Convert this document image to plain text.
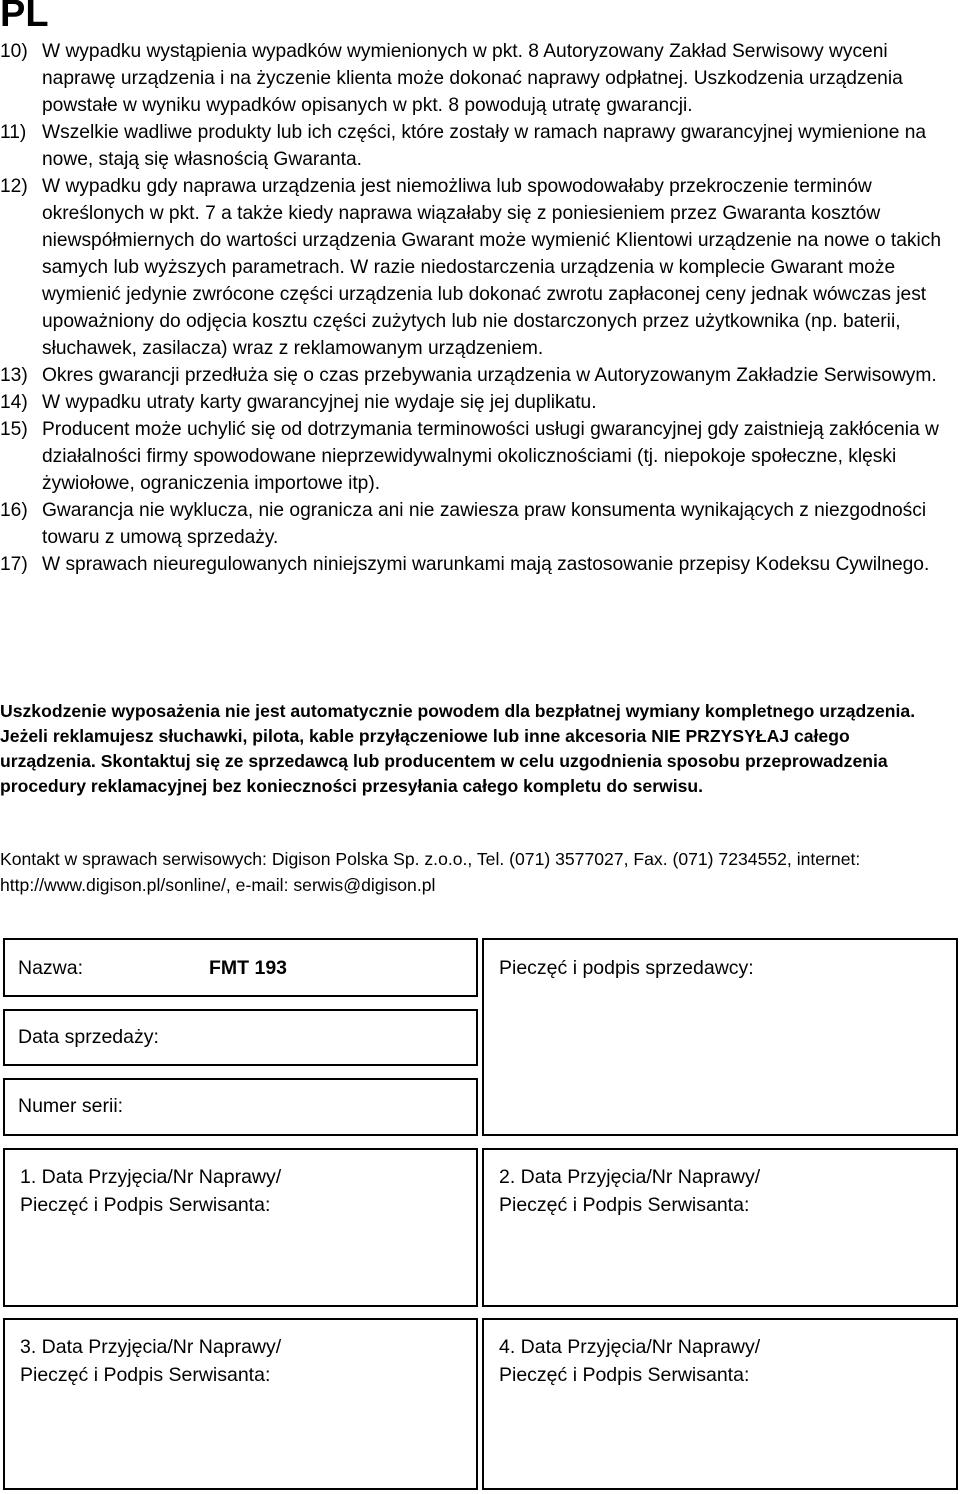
PL
10) W wypadku wystąpienia wypadków wymienionych w pkt. 8 Autoryzowany Zakład Serwisowy wyceni naprawę urządzenia i na życzenie klienta może dokonać naprawy odpłatnej. Uszkodzenia urządzenia powstałe w wyniku wypadków opisanych w pkt. 8 powodują utratę gwarancji.
11) Wszelkie wadliwe produkty lub ich części, które zostały w ramach naprawy gwarancyjnej wymienione na nowe, stają się własnością Gwaranta.
12) W wypadku gdy naprawa urządzenia jest niemożliwa lub spowodowałaby przekroczenie terminów określonych w pkt. 7 a także kiedy naprawa wiązałaby się z poniesieniem przez Gwaranta kosztów niewspółmiernych do wartości urządzenia Gwarant może wymienić Klientowi urządzenie na nowe o takich samych lub wyższych parametrach. W razie niedostarczenia urządzenia w komplecie Gwarant może wymienić jedynie zwrócone części urządzenia lub dokonać zwrotu zapłaconej ceny jednak wówczas jest upoważniony do odjęcia kosztu części zużytych lub nie dostarczonych przez użytkownika (np. baterii, słuchawek, zasilacza) wraz z reklamowanym urządzeniem.
13) Okres gwarancji przedłuża się o czas przebywania urządzenia w Autoryzowanym Zakładzie Serwisowym.
14) W wypadku utraty karty gwarancyjnej nie wydaje się jej duplikatu.
15) Producent może uchylić się od dotrzymania terminowości usługi gwarancyjnej gdy zaistnieją zakłócenia w działalności firmy spowodowane nieprzewidywalnymi okolicznościami (tj. niepokoje społeczne, klęski żywiołowe, ograniczenia importowe itp).
16) Gwarancja nie wyklucza, nie ogranicza ani nie zawiesza praw konsumenta wynikających z niezgodności towaru z umową sprzedaży.
17) W sprawach nieuregulowanych niniejszymi warunkami mają zastosowanie przepisy Kodeksu Cywilnego.

Uszkodzenie wyposażenia nie jest automatycznie powodem dla bezpłatnej wymiany kompletnego urządzenia. Jeżeli reklamujesz słuchawki, pilota, kable przyłączeniowe lub inne akcesoria NIE PRZYSYŁAJ całego urządzenia. Skontaktuj się ze sprzedawcą lub producentem w celu uzgodnienia sposobu przeprowadzenia procedury reklamacyjnej bez konieczności przesyłania całego kompletu do serwisu.

Kontakt w sprawach serwisowych: Digison Polska Sp. z.o.o., Tel. (071) 3577027, Fax. (071) 7234552, internet: http://www.digison.pl/sonline/, e-mail: serwis@digison.pl

Nazwa:	FMT 193	Pieczęć i podpis sprzedawcy:
Data sprzedaży:
Numer serii:
1. Data Przyjęcia/Nr Naprawy/
Pieczęć i Podpis Serwisanta:
2. Data Przyjęcia/Nr Naprawy/
Pieczęć i Podpis Serwisanta:
3. Data Przyjęcia/Nr Naprawy/
Pieczęć i Podpis Serwisanta:
4. Data Przyjęcia/Nr Naprawy/
Pieczęć i Podpis Serwisanta:
